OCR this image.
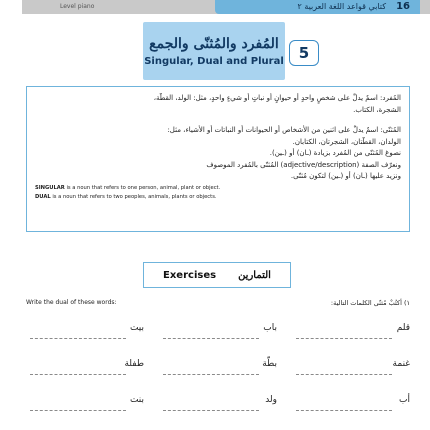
Level piano	كتابي قواعد اللغة العربية ٢ 16
المُفرد والمُثنّى والجمع
Singular, Dual and Plural	5
المُفرد: اسمٌ يدلُّ على شخصٍ واحدٍ أو حيوانٍ أو نباتٍ أو شيءٍ واحدٍ، مثل: الولد، القطّة،
الشجرة، الكتاب.
المُثنّى: اسمٌ يدلُّ على اثنين من الأشخاص أو الحيوانات أو النباتات أو الأشياء، مثل:
الولدان، القطّتان، الشجرتان، الكتابان.
نصوغ المُثنّى من المُفرد بزيادة (ـان) أو (ـين).
ونعرّف الصفة (adjective/description) المُثنّى بالمُفرد الموصوف
ونزيد عليها (ـان) أو (ـين) لتكون مُثنّى.
SINGULAR is a noun that refers to one person, animal, plant or object.
DUAL is a noun that refers to two peoples, animals, plants or objects.
Exercises التمارين
Write the dual of these words:	١) أكتُبْ مُثنّى الكلمات التالية:
قلم
باب
بيت
غنمة
بطّة
طفلة
أب
ولد
بنت
